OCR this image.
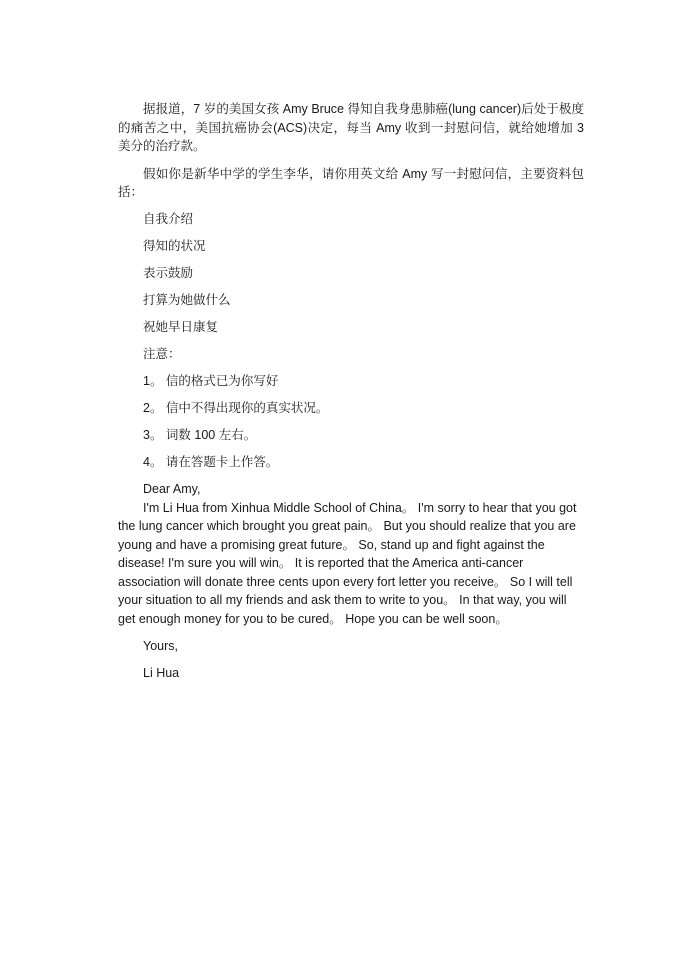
据报道，7 岁的美国女孩 Amy Bruce 得知自我身患肺癌(lung cancer)后处于极度的痛苦之中，美国抗癌协会(ACS)决定，每当 Amy 收到一封慰问信，就给她增加 3 美分的治疗款。

假如你是新华中学的学生李华，请你用英文给 Amy 写一封慰问信，主要资料包括：

自我介绍

得知的状况

表示鼓励

打算为她做什么

祝她早日康复

注意：

1。 信的格式已为你写好

2。 信中不得出现你的真实状况。

3。 词数 100 左右。

4。 请在答题卡上作答。

Dear Amy,

I'm Li Hua from Xinhua Middle School of China。 I'm sorry to hear that you got the lung cancer which brought you great pain。 But you should realize that you are young and have a promising great future。 So, stand up and fight against the disease! I'm sure you will win。 It is reported that the America anti-cancer association will donate three cents upon every fort letter you receive。 So I will tell your situation to all my friends and ask them to write to you。 In that way, you will get enough money for you to be cured。 Hope you can be well soon。

Yours,

Li Hua
